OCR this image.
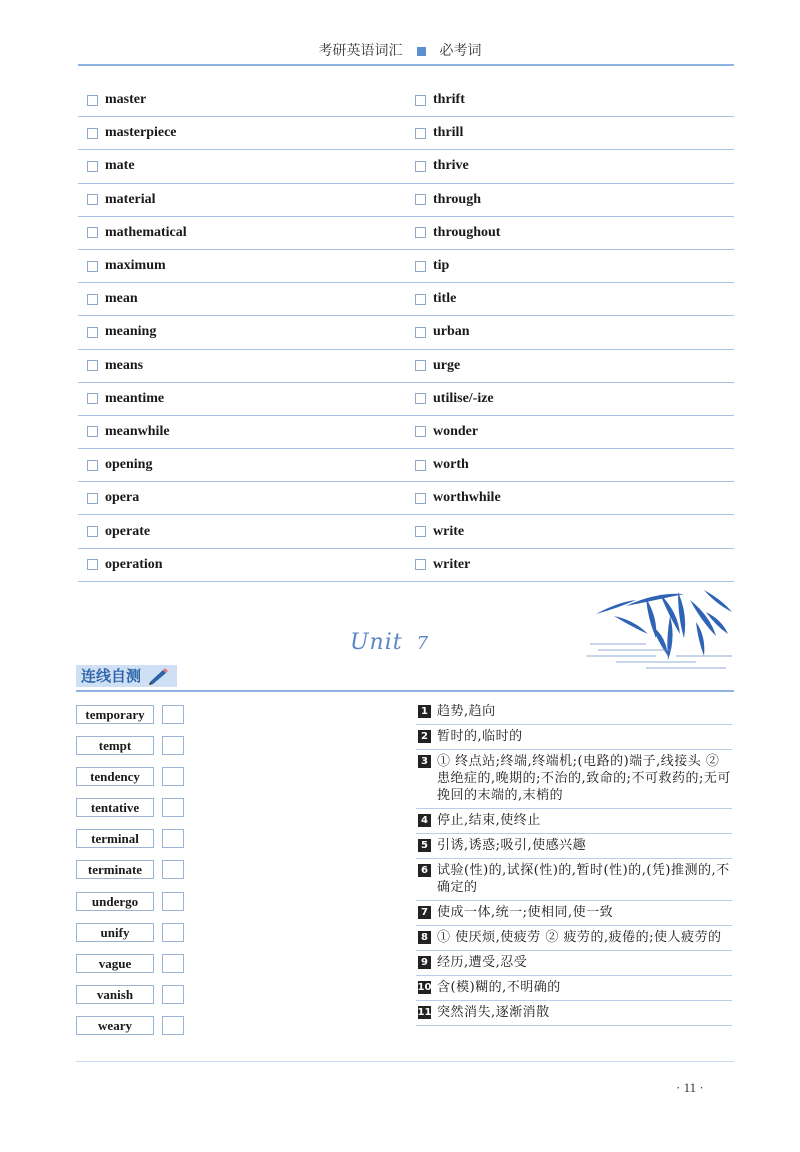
考研英语词汇	必考词
master	thrift
masterpiece	thrill
mate	thrive
material	through
mathematical	throughout
maximum	tip
mean	title
meaning	urban
means	urge
meantime	utilise/-ize
meanwhile	wonder
opening	worth
opera	worthwhile
operate	write
operation	writer
Unit 7
连线自测
temporary
tempt
tendency
tentative
terminal
terminate
undergo
unify
vague
vanish
weary
1 趋势,趋向
2 暂时的,临时的
3 ① 终点站;终端,终端机;(电路的)端子,线接头 ②患绝症的,晚期的;不治的,致命的;不可救药的;无可挽回的末端的,末梢的
4 停止,结束,使终止
5 引诱,诱惑;吸引,使感兴趣
6 试验(性)的,试探(性)的,暂时(性)的,(凭)推测的,不确定的
7 使成一体,统一;使相同,使一致
8 ① 使厌烦,使疲劳 ② 疲劳的,疲倦的;使人疲劳的
9 经历,遭受,忍受
10 含(模)糊的,不明确的
11 突然消失,逐渐消散
· 11 ·
